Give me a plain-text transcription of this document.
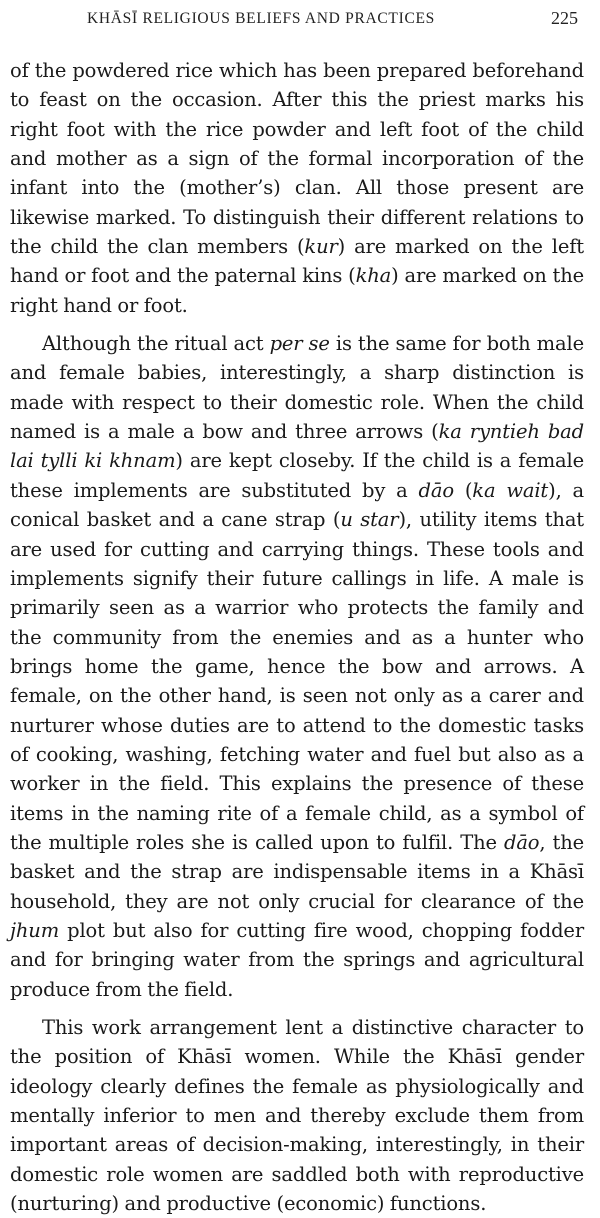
KHĀSĪ RELIGIOUS BELIEFS AND PRACTICES	225

of the powdered rice which has been prepared beforehand to feast on the occasion. After this the priest marks his right foot with the rice powder and left foot of the child and mother as a sign of the formal incorporation of the infant into the (mother’s) clan. All those present are likewise marked. To distinguish their different relations to the child the clan members (kur) are marked on the left hand or foot and the paternal kins (kha) are marked on the right hand or foot.

Although the ritual act per se is the same for both male and female babies, interestingly, a sharp distinction is made with respect to their domestic role. When the child named is a male a bow and three arrows (ka ryntieh bad lai tylli ki khnam) are kept closeby. If the child is a female these implements are substituted by a dāo (ka wait), a conical basket and a cane strap (u star), utility items that are used for cutting and carrying things. These tools and implements signify their future callings in life. A male is primarily seen as a warrior who protects the family and the community from the enemies and as a hunter who brings home the game, hence the bow and arrows. A female, on the other hand, is seen not only as a carer and nurturer whose duties are to attend to the domestic tasks of cooking, washing, fetching water and fuel but also as a worker in the field. This explains the presence of these items in the naming rite of a female child, as a symbol of the multiple roles she is called upon to fulfil. The dāo, the basket and the strap are indispensable items in a Khāsī household, they are not only crucial for clearance of the jhum plot but also for cutting fire wood, chopping fodder and for bringing water from the springs and agricultural produce from the field.

This work arrangement lent a distinctive character to the position of Khāsī women. While the Khāsī gender ideology clearly defines the female as physiologically and mentally inferior to men and thereby exclude them from important areas of decision-making, interestingly, in their domestic role women are saddled both with reproductive (nurturing) and productive (economic) functions.
